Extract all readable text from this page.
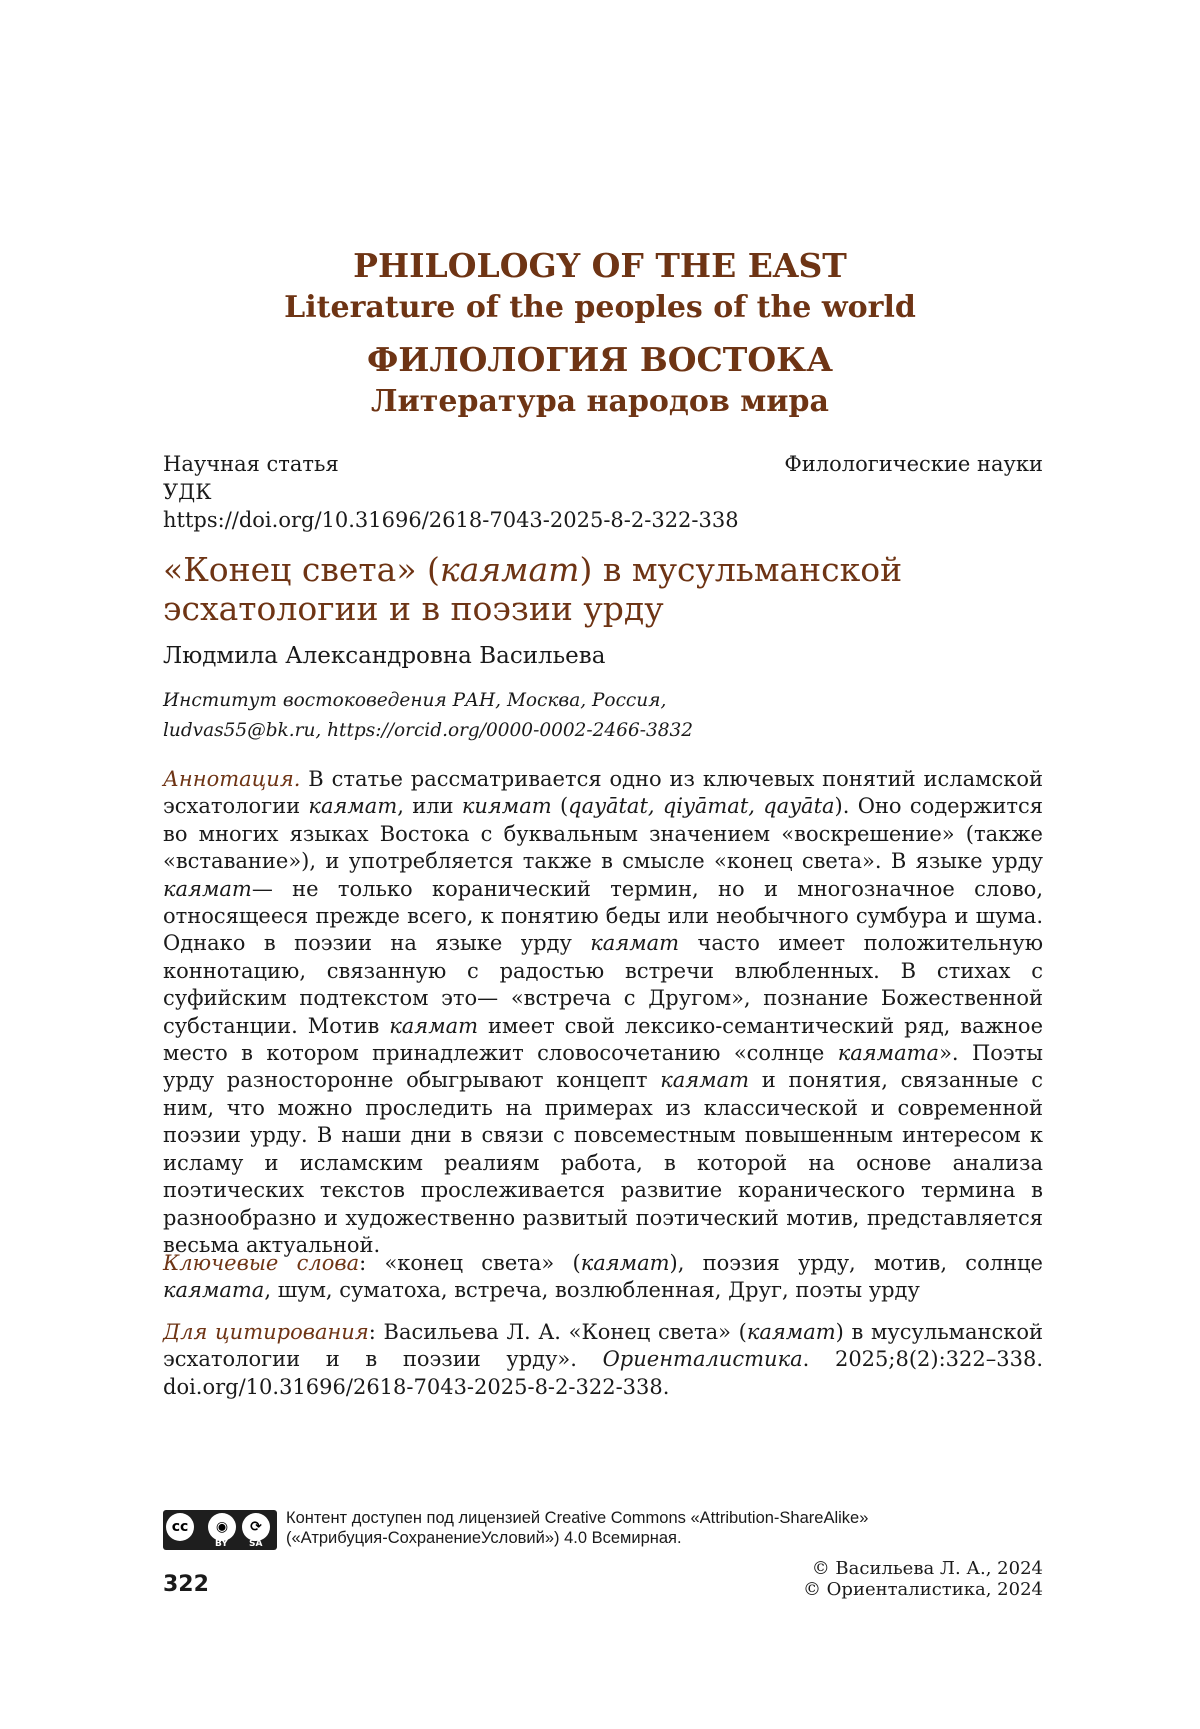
PHILOLOGY OF THE EAST
Literature of the peoples of the world
ФИЛОЛОГИЯ ВОСТОКА
Литература народов мира
Научная статья
УДК
https://doi.org/10.31696/2618-7043-2025-8-2-322-338
Филологические науки
«Конец света» (каямат) в мусульманской
эсхатологии и в поэзии урду
Людмила Александровна Васильева
Институт востоковедения РАН, Москва, Россия,
ludvas55@bk.ru, https://orcid.org/0000-0002-2466-3832
Аннотация. В статье рассматривается одно из ключевых понятий исламской эсхатологии каямат, или киямат (qayātat, qiyāmat, qayāta). Оно содержится во многих языках Востока с буквальным значением «воскрешение» (также «вставание»), и употребляется также в смысле «конец света». В языке урду каямат— не только коранический термин, но и многозначное слово, относящееся прежде всего, к понятию беды или необычного сумбура и шума. Однако в поэзии на языке урду каямат часто имеет положительную коннотацию, связанную с радостью встречи влюбленных. В стихах с суфийским подтекстом это— «встреча с Другом», познание Божественной субстанции. Мотив каямат имеет свой лексико-семантический ряд, важное место в котором принадлежит словосочетанию «солнце каямата». Поэты урду разносторонне обыгрывают концепт каямат и понятия, связанные с ним, что можно проследить на примерах из классической и современной поэзии урду. В наши дни в связи с повсеместным повышенным интересом к исламу и исламским реалиям работа, в которой на основе анализа поэтических текстов прослеживается развитие коранического термина в разнообразно и художественно развитый поэтический мотив, представляется весьма актуальной.
Ключевые слова: «конец света» (каямат), поэзия урду, мотив, солнце каямата, шум, суматоха, встреча, возлюбленная, Друг, поэты урду
Для цитирования: Васильева Л. А. «Конец света» (каямат) в мусульманской эсхатологии и в поэзии урду». Ориенталистика. 2025;8(2):322–338. doi.org/10.31696/2618-7043-2025-8-2-322-338.
cc	◉	⟳
BY SA
Контент доступен под лицензией Creative Commons «Attribution-ShareAlike»
(«Атрибуция-СохранениеУсловий») 4.0 Всемирная.
322
© Васильева Л. А., 2024
© Ориенталистика, 2024
